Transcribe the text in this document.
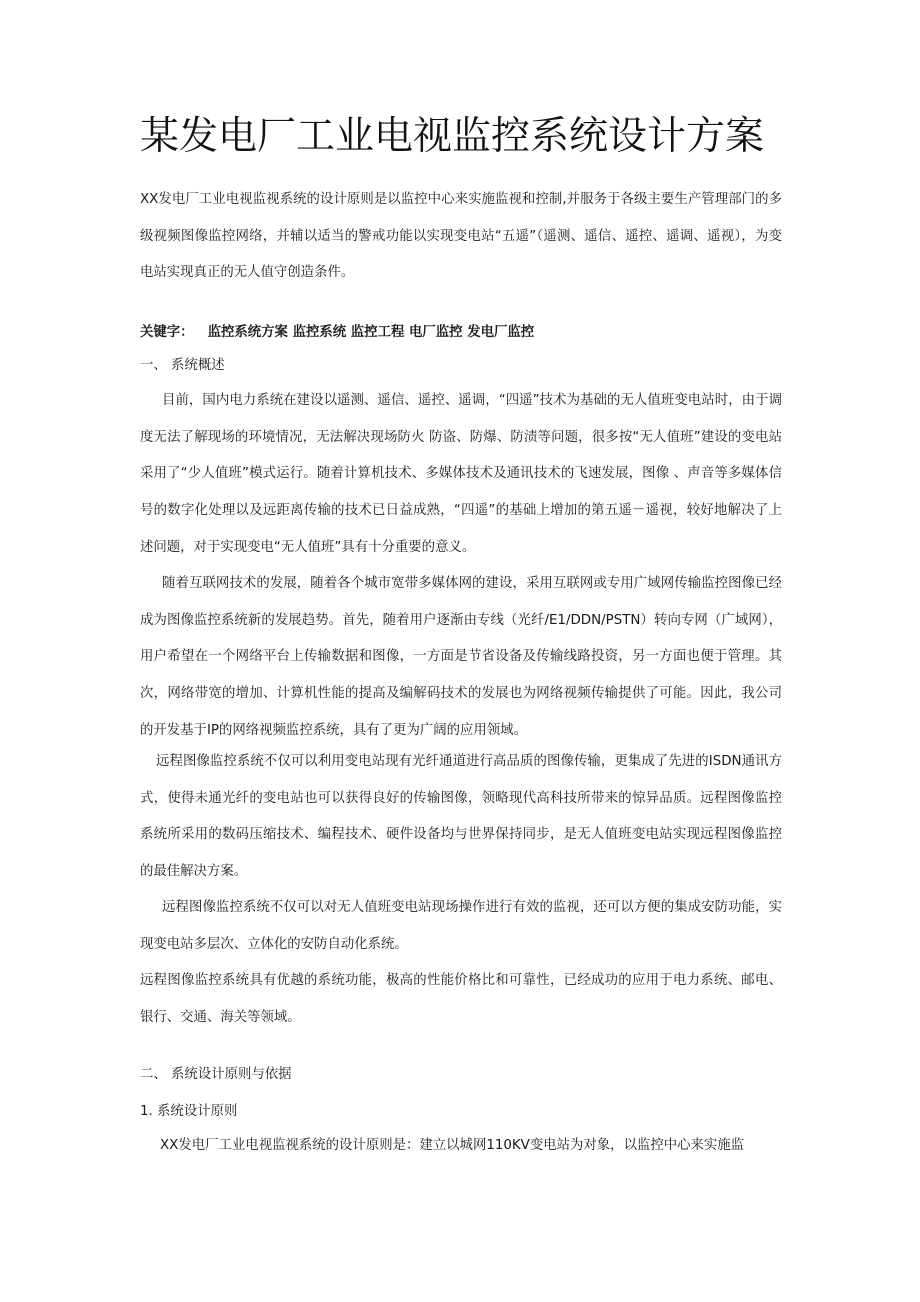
某发电厂工业电视监控系统设计方案

XX发电厂工业电视监视系统的设计原则是以监控中心来实施监视和控制,并服务于各级主要生产管理部门的多级视频图像监控网络，并辅以适当的警戒功能以实现变电站“五遥”（遥测、遥信、遥控、遥调、遥视），为变电站实现真正的无人值守创造条件。

关键字： 监控系统方案 监控系统 监控工程 电厂监控 发电厂监控

一、 系统概述

目前，国内电力系统在建设以遥测、遥信、遥控、遥调，“四遥”技术为基础的无人值班变电站时，由于调度无法了解现场的环境情况，无法解决现场防火 防盗、防爆、防渍等问题，很多按“无人值班”建设的变电站采用了“少人值班”模式运行。随着计算机技术、多媒体技术及通讯技术的飞速发展，图像 、声音等多媒体信号的数字化处理以及远距离传输的技术已日益成熟，“四遥”的基础上增加的第五遥－遥视，较好地解决了上述问题，对于实现变电“无人值班”具有十分重要的意义。

随着互联网技术的发展，随着各个城市宽带多媒体网的建设，采用互联网或专用广域网传输监控图像已经成为图像监控系统新的发展趋势。首先，随着用户逐渐由专线（光纤/E1/DDN/PSTN）转向专网（广域网），用户希望在一个网络平台上传输数据和图像，一方面是节省设备及传输线路投资，另一方面也便于管理。其次，网络带宽的增加、计算机性能的提高及编解码技术的发展也为网络视频传输提供了可能。因此，我公司的开发基于IP的网络视频监控系统，具有了更为广阔的应用领域。

远程图像监控系统不仅可以利用变电站现有光纤通道进行高品质的图像传输，更集成了先进的ISDN通讯方式，使得未通光纤的变电站也可以获得良好的传输图像，领略现代高科技所带来的惊异品质。远程图像监控系统所采用的数码压缩技术、编程技术、硬件设备均与世界保持同步，是无人值班变电站实现远程图像监控的最佳解决方案。

远程图像监控系统不仅可以对无人值班变电站现场操作进行有效的监视，还可以方便的集成安防功能，实现变电站多层次、立体化的安防自动化系统。

远程图像监控系统具有优越的系统功能，极高的性能价格比和可靠性，已经成功的应用于电力系统、邮电、银行、交通、海关等领域。

二、 系统设计原则与依据

1. 系统设计原则

XX发电厂工业电视监视系统的设计原则是：建立以城网110KV变电站为对象，以监控中心来实施监
